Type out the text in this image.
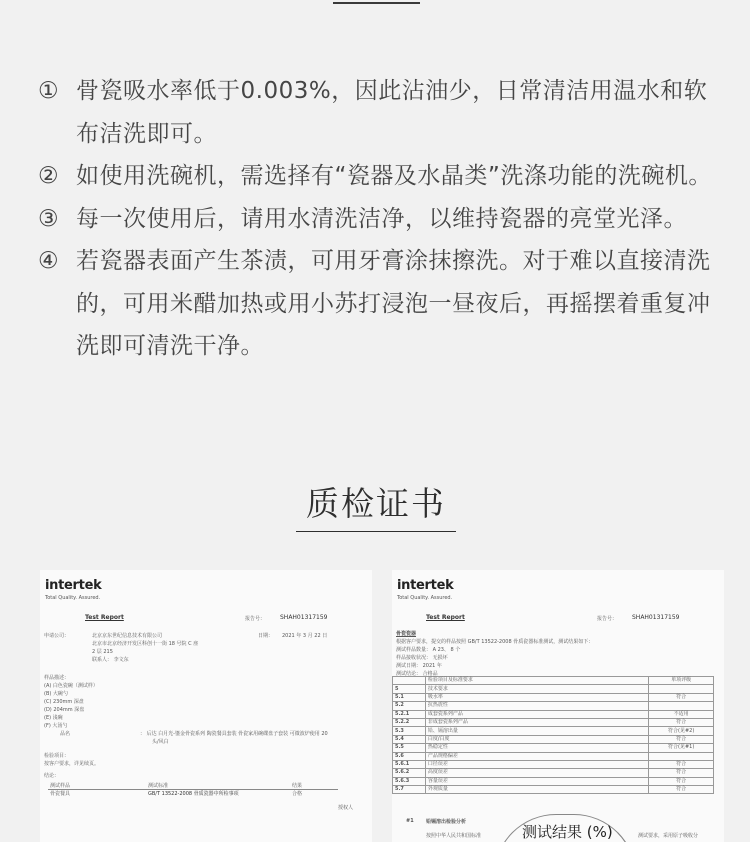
① 骨瓷吸水率低于0.003%，因此沾油少，日常清洁用温水和软布洁洗即可。
② 如使用洗碗机，需选择有“瓷器及水晶类”洗涤功能的洗碗机。
③ 每一次使用后，请用水清洗洁净，以维持瓷器的亮堂光泽。
④ 若瓷器表面产生茶渍，可用牙膏涂抹擦洗。对于难以直接清洗的，可用米醋加热或用小苏打浸泡一昼夜后，再摇摆着重复冲洗即可清洗干净。
质检证书
intertek
Total Quality. Assured.
Test Report	报告号： SHAH01317159
申请公司：	北京京东世纪信息技术有限公司
北京市北京经济开发区科创十一街 18 号院 C 座
2 层 215
联系人： 李文东
日期： 2021 年 3 月 22 日
样品描述：
(A) 白色瓷碗（测试样）
(B) 大碗勺
(C) 230mm 深盘
(D) 204mm 深盘
(E) 浅碗
(F) 大汤勺
品名	： 后达 白月光-鎏金骨瓷系列 陶瓷餐具套装 骨瓷家用碗碟盘子套装 可微波炉使用 20
头/风白
检验项目：
按客户要求，详见续页。
结论：
测试样品	测试标准	结果
骨瓷餐具	GB/T 13522-2008 骨质瓷器中所检事项	合格
授权人
intertek
Total Quality. Assured.
Test Report	报告号： SHAH01317159
骨瓷瓷器
根据客户要求，提交的样品按照 GB/T 13522-2008 骨质瓷器标准测试，测试结果如下：
测试样品数量： A 23、 8 个
样品接收状况： 无损坏
测试日期： 2021 年
测试结论： 合格品
	检验项目及标准要求	单项评级
5	技术要求	
5.1	吸水率	符合
5.2	抗热震性	
5.2.1	成套瓷系列产品	不适用
5.2.2	非成套瓷系列产品	符合
5.3	铅、镉溶出量	符合(见#2)
5.4	白度/白度	符合
5.5	热稳定性	符合(见#1)
5.6	产品规格偏差	
5.6.1	口径误差	符合
5.6.2	高度误差	符合
5.6.3	容量误差	符合
5.7	外观质量	符合
#1 铅镉溶出检验分析
按照中华人民共和国标准	测试要求，采用原子吸收分
测试结果 (%)
